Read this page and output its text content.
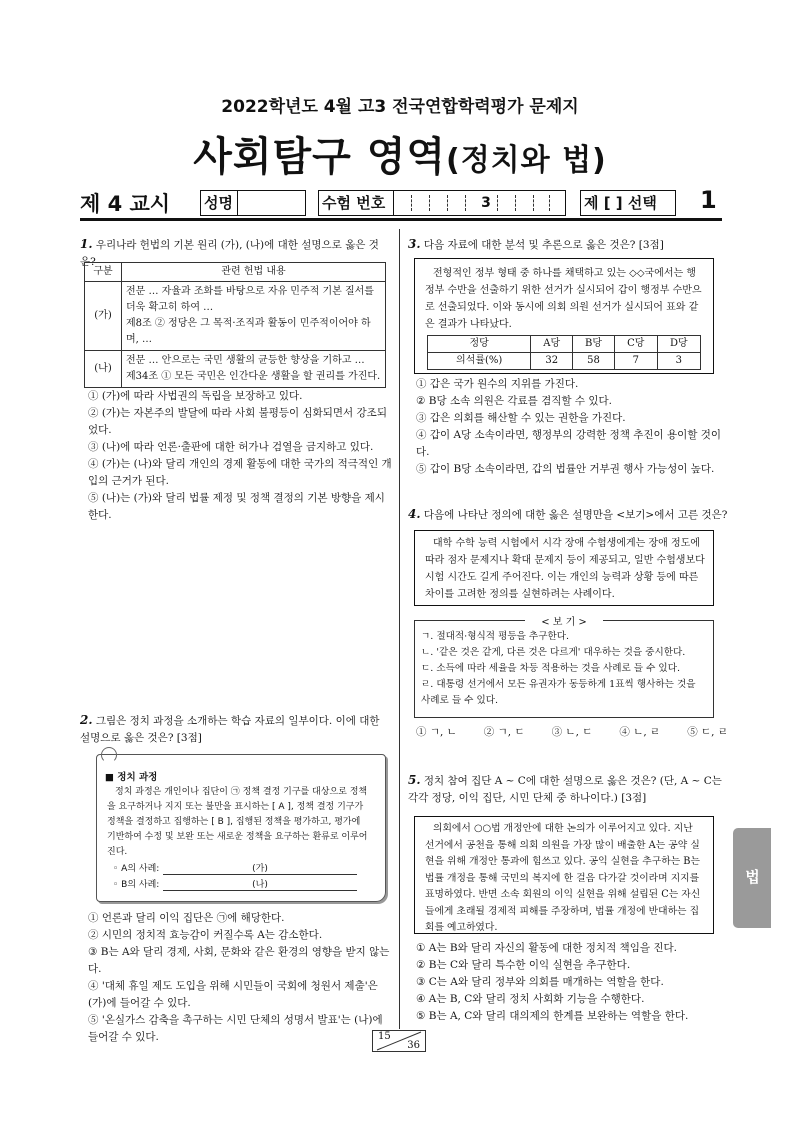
2022학년도 4월 고3 전국연합학력평가 문제지
사회탐구 영역(정치와 법)
제 4 교시 성명	수험 번호	3	제 [ ] 선택	1
1. 우리나라 헌법의 기본 원리 (가), (나)에 대한 설명으로 옳은 것은?
구분	관련 헌법 내용
(가)	전문 … 자율과 조화를 바탕으로 자유 민주적 기본 질서를 더욱 확고히 하여 …
제8조 ② 정당은 그 목적·조직과 활동이 민주적이어야 하며, …

(나)	전문 … 안으로는 국민 생활의 균등한 향상을 기하고 …
제34조 ① 모든 국민은 인간다운 생활을 할 권리를 가진다.
① (가)에 따라 사법권의 독립을 보장하고 있다.
② (가)는 자본주의 발달에 따라 사회 불평등이 심화되면서 강조되었다.
③ (나)에 따라 언론·출판에 대한 허가나 검열을 금지하고 있다.
④ (가)는 (나)와 달리 개인의 경제 활동에 대한 국가의 적극적인 개입의 근거가 된다.
⑤ (나)는 (가)와 달리 법률 제정 및 정책 결정의 기본 방향을 제시한다.
2. 그림은 정치 과정을 소개하는 학습 자료의 일부이다. 이에 대한 설명으로 옳은 것은? [3점]
■ 정치 과정
정치 과정은 개인이나 집단이 ㉠ 정책 결정 기구를 대상으로 정책을 요구하거나 지지 또는 불만을 표시하는 [ A ], 정책 결정 기구가 정책을 결정하고 집행하는 [ B ], 집행된 정책을 평가하고, 평가에 기반하여 수정 및 보완 또는 새로운 정책을 요구하는 환류로 이루어진다.
◦ A의 사례:	(가)
◦ B의 사례:	(나)
① 언론과 달리 이익 집단은 ㉠에 해당한다.
② 시민의 정치적 효능감이 커질수록 A는 감소한다.
③ B는 A와 달리 경제, 사회, 문화와 같은 환경의 영향을 받지 않는다.
④ '대체 휴일 제도 도입을 위해 시민들이 국회에 청원서 제출'은 (가)에 들어갈 수 있다.
⑤ '온실가스 감축을 촉구하는 시민 단체의 성명서 발표'는 (나)에 들어갈 수 있다.
3. 다음 자료에 대한 분석 및 추론으로 옳은 것은? [3점]
전형적인 정부 형태 중 하나를 채택하고 있는 ◇◇국에서는 행정부 수반을 선출하기 위한 선거가 실시되어 갑이 행정부 수반으로 선출되었다. 이와 동시에 의회 의원 선거가 실시되어 표와 같은 결과가 나타났다.
정당	A당	B당	C당	D당
의석률(%)	32	58	7	3
① 갑은 국가 원수의 지위를 가진다.
② B당 소속 의원은 각료를 겸직할 수 있다.
③ 갑은 의회를 해산할 수 있는 권한을 가진다.
④ 갑이 A당 소속이라면, 행정부의 강력한 정책 추진이 용이할 것이다.
⑤ 갑이 B당 소속이라면, 갑의 법률안 거부권 행사 가능성이 높다.
4. 다음에 나타난 정의에 대한 옳은 설명만을 <보기>에서 고른 것은?
대학 수학 능력 시험에서 시각 장애 수험생에게는 장애 정도에 따라 점자 문제지나 확대 문제지 등이 제공되고, 일반 수험생보다 시험 시간도 길게 주어진다. 이는 개인의 능력과 상황 등에 따른 차이를 고려한 정의를 실현하려는 사례이다.
< 보 기 >
ㄱ. 절대적·형식적 평등을 추구한다.
ㄴ. '같은 것은 같게, 다른 것은 다르게' 대우하는 것을 중시한다.
ㄷ. 소득에 따라 세율을 차등 적용하는 것을 사례로 들 수 있다.
ㄹ. 대통령 선거에서 모든 유권자가 동등하게 1표씩 행사하는 것을 사례로 들 수 있다.
① ㄱ, ㄴ	② ㄱ, ㄷ	③ ㄴ, ㄷ	④ ㄴ, ㄹ	⑤ ㄷ, ㄹ
5. 정치 참여 집단 A ~ C에 대한 설명으로 옳은 것은? (단, A ~ C는 각각 정당, 이익 집단, 시민 단체 중 하나이다.) [3점]
의회에서 ○○법 개정안에 대한 논의가 이루어지고 있다. 지난 선거에서 공천을 통해 의회 의원을 가장 많이 배출한 A는 공약 실현을 위해 개정안 통과에 힘쓰고 있다. 공익 실현을 추구하는 B는 법률 개정을 통해 국민의 복지에 한 걸음 다가갈 것이라며 지지를 표명하였다. 반면 소속 회원의 이익 실현을 위해 설립된 C는 자신들에게 초래될 경제적 피해를 주장하며, 법률 개정에 반대하는 집회를 예고하였다.
① A는 B와 달리 자신의 활동에 대한 정치적 책임을 진다.
② B는 C와 달리 특수한 이익 실현을 추구한다.
③ C는 A와 달리 정부와 의회를 매개하는 역할을 한다.
④ A는 B, C와 달리 정치 사회화 기능을 수행한다.
⑤ B는 A, C와 달리 대의제의 한계를 보완하는 역할을 한다.
정치와 법
15
36
